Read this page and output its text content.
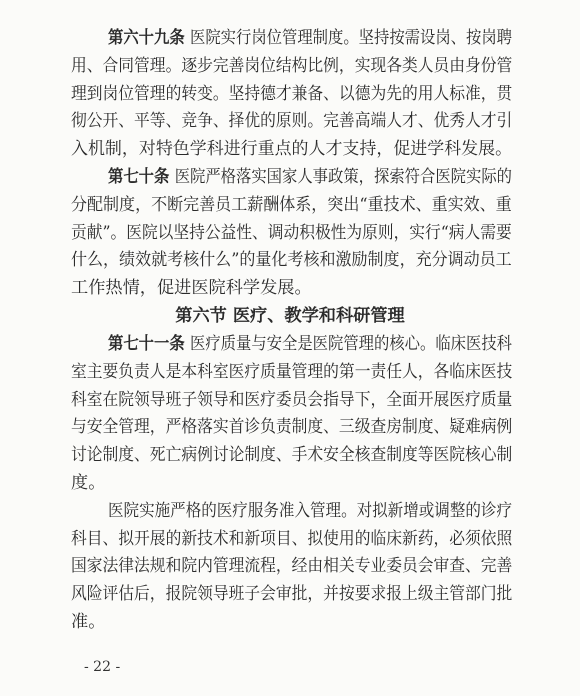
第六十九条 医院实行岗位管理制度。坚持按需设岗、按岗聘
用、合同管理。逐步完善岗位结构比例，实现各类人员由身份管
理到岗位管理的转变。坚持德才兼备、以德为先的用人标准，贯
彻公开、平等、竞争、择优的原则。完善高端人才、优秀人才引
入机制，对特色学科进行重点的人才支持，促进学科发展。
第七十条 医院严格落实国家人事政策，探索符合医院实际的
分配制度，不断完善员工薪酬体系，突出“重技术、重实效、重
贡献”。医院以坚持公益性、调动积极性为原则，实行“病人需要
什么，绩效就考核什么”的量化考核和激励制度，充分调动员工
工作热情，促进医院科学发展。
第六节 医疗、教学和科研管理
第七十一条 医疗质量与安全是医院管理的核心。临床医技科
室主要负责人是本科室医疗质量管理的第一责任人，各临床医技
科室在院领导班子领导和医疗委员会指导下，全面开展医疗质量
与安全管理，严格落实首诊负责制度、三级查房制度、疑难病例
讨论制度、死亡病例讨论制度、手术安全核查制度等医院核心制
度。
医院实施严格的医疗服务准入管理。对拟新增或调整的诊疗
科目、拟开展的新技术和新项目、拟使用的临床新药，必须依照
国家法律法规和院内管理流程，经由相关专业委员会审查、完善
风险评估后，报院领导班子会审批，并按要求报上级主管部门批
准。
- 22 -
